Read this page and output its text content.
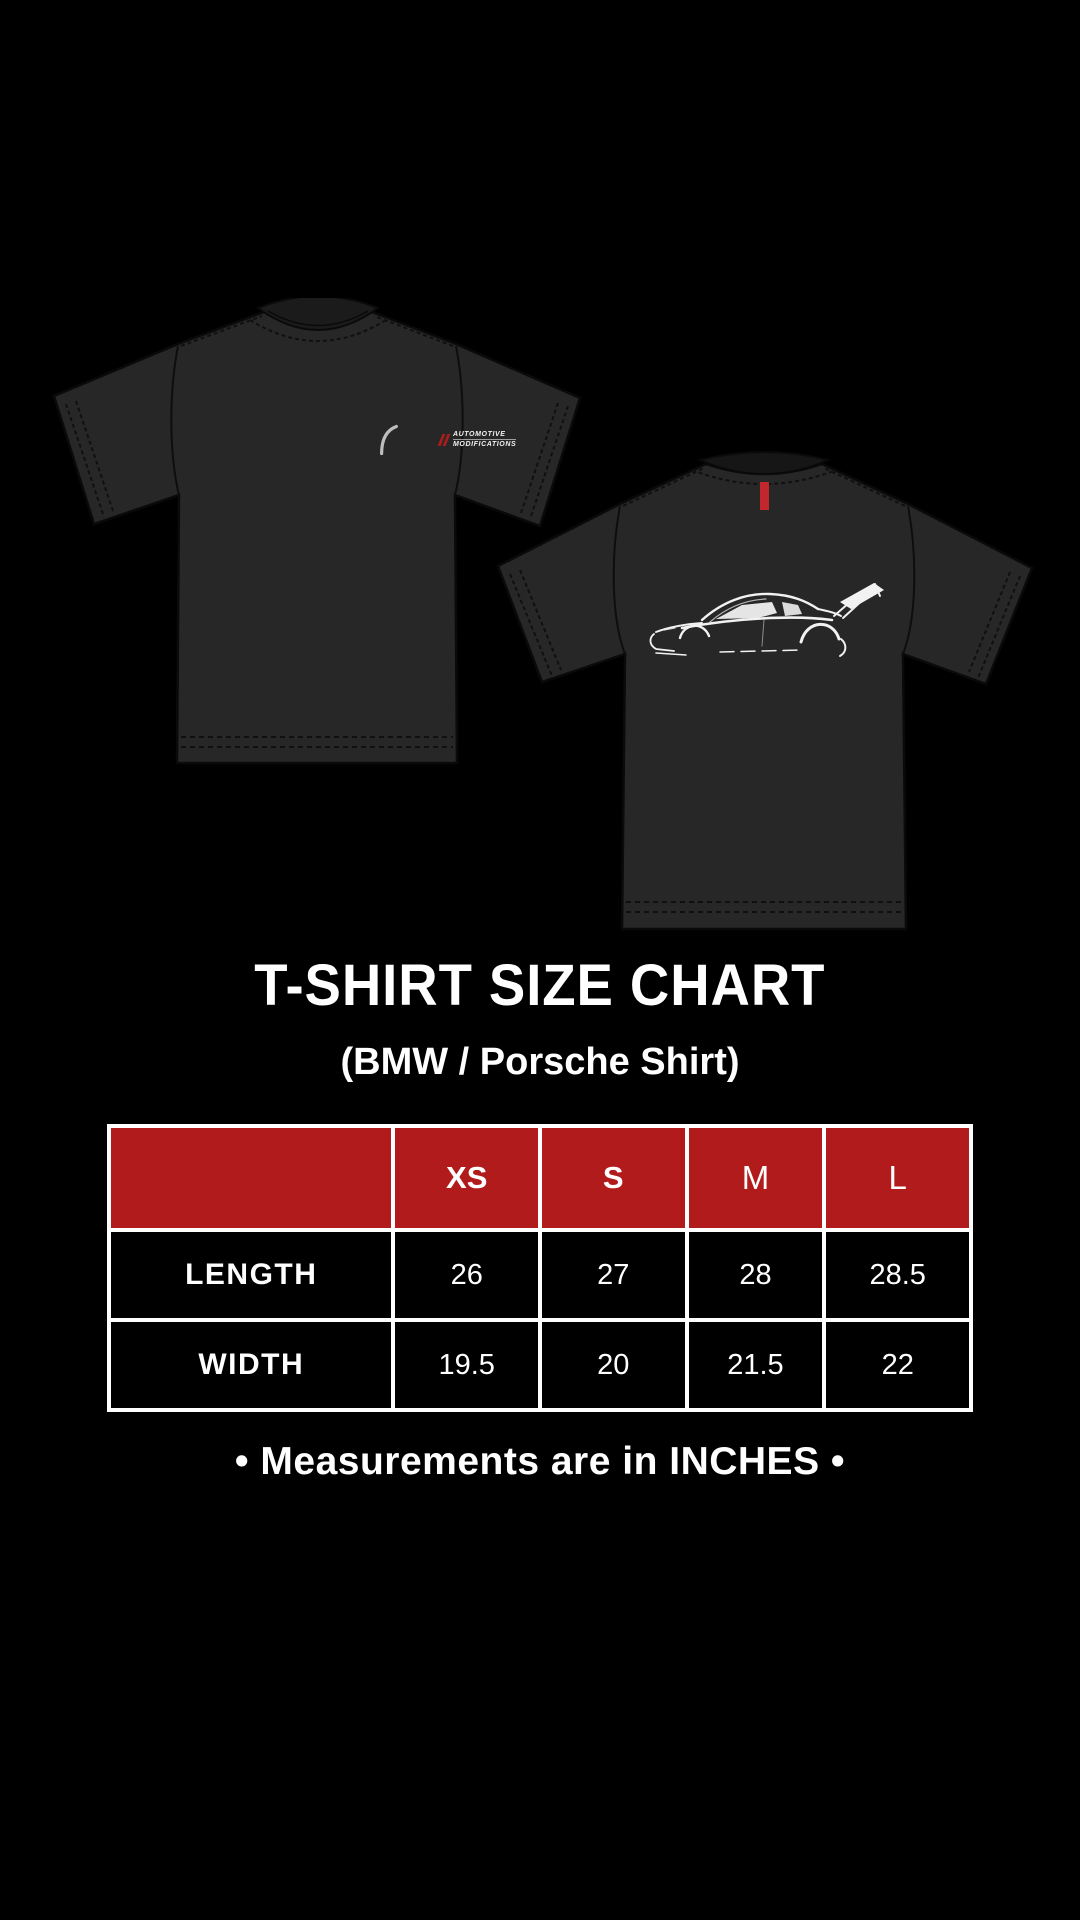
AUTOMOTIVE
MODIFICATIONS
T-SHIRT SIZE CHART
(BMW / Porsche Shirt)
	XS	S	M	L
LENGTH	26	27	28	28.5
WIDTH	19.5	20	21.5	22
• Measurements are in INCHES •
